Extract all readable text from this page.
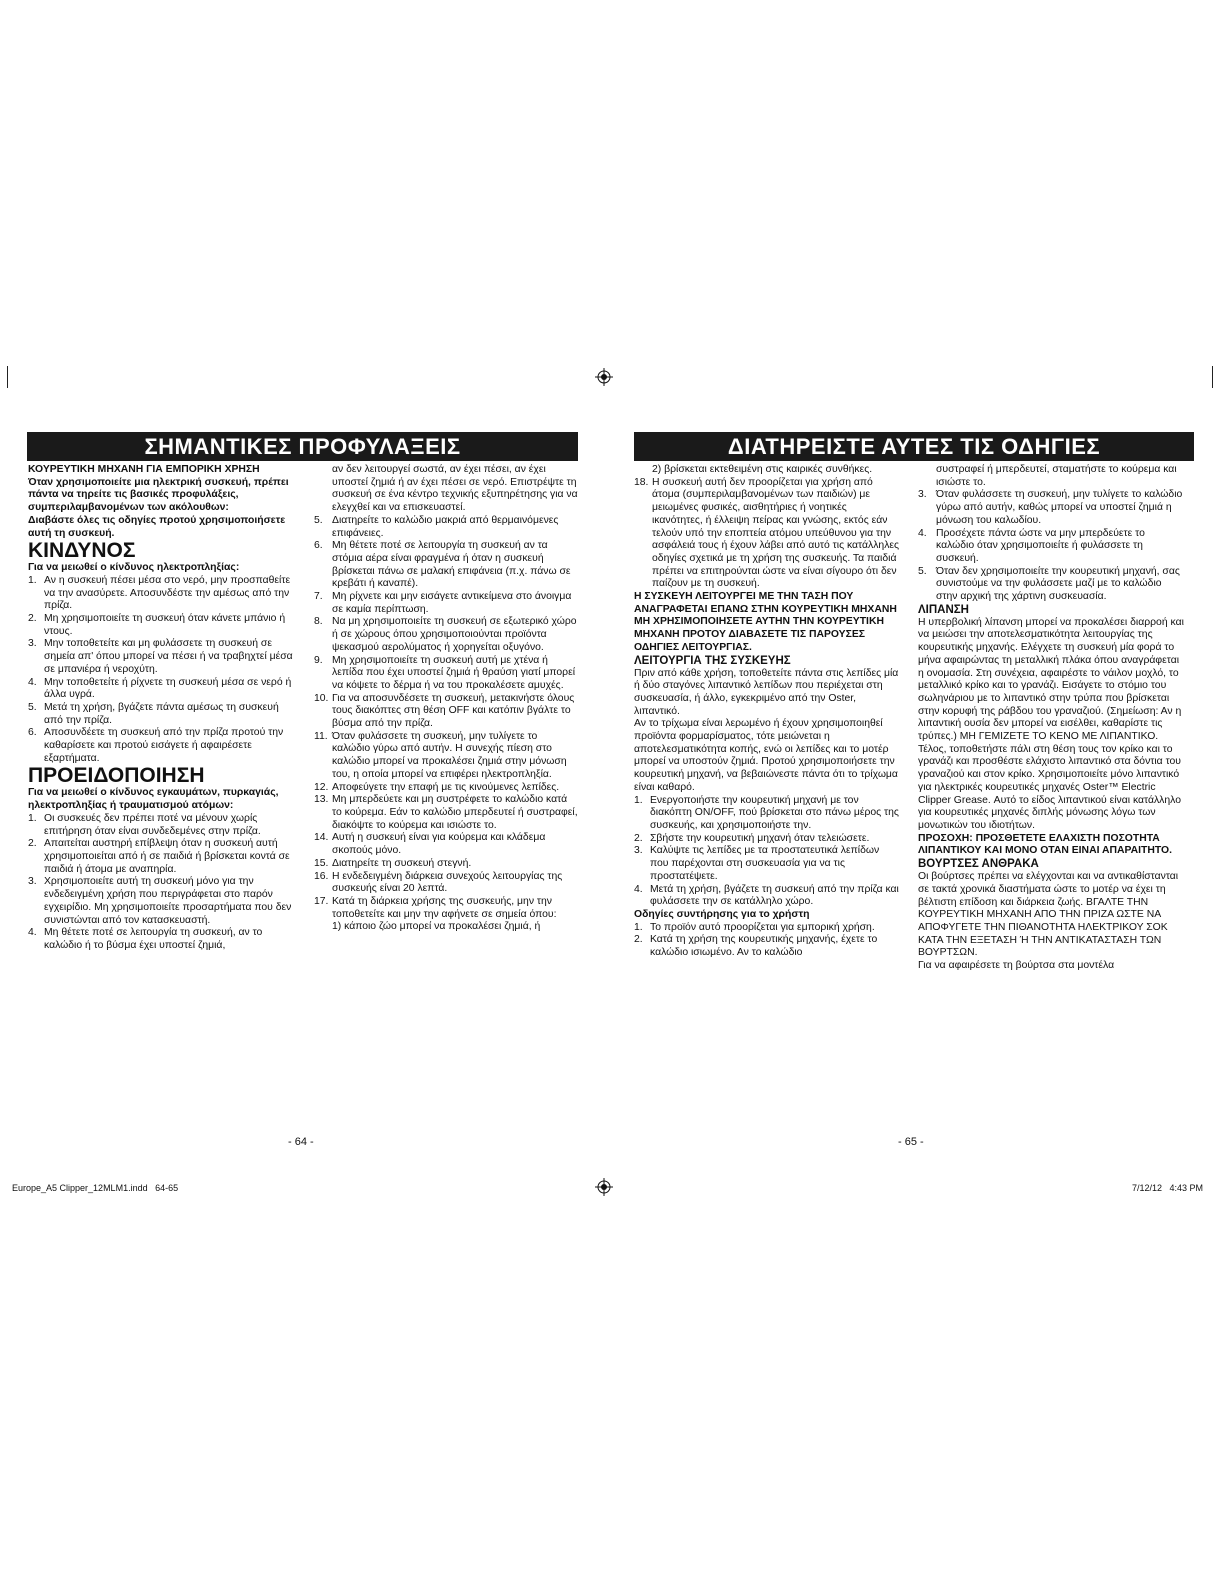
ΣΗΜΑΝΤΙΚΕΣ ΠΡΟΦΥΛΑΞΕΙΣ	ΔΙΑΤΗΡΕΙΣΤΕ ΑΥΤΕΣ ΤΙΣ ΟΔΗΓΙΕΣ

ΚΟΥΡΕΥΤΙΚΗ ΜΗΧΑΝΗ ΓΙΑ ΕΜΠΟΡΙΚΗ ΧΡΗΣΗ

Όταν χρησιμοποιείτε μια ηλεκτρική συσκευή, πρέπει πάντα να τηρείτε τις βασικές προφυλάξεις, συμπεριλαμβανομένων των ακόλουθων:

Διαβάστε όλες τις οδηγίες προτού χρησιμοποιήσετε αυτή τη συσκευή.

ΚΙΝΔΥΝΟΣ

Για να μειωθεί ο κίνδυνος ηλεκτροπληξίας:

1. Αν η συσκευή πέσει μέσα στο νερό, μην προσπαθείτε να την ανασύρετε. Αποσυνδέστε την αμέσως από την πρίζα.
2. Μη χρησιμοποιείτε τη συσκευή όταν κάνετε μπάνιο ή ντους.
3. Μην τοποθετείτε και μη φυλάσσετε τη συσκευή σε σημεία απ' όπου μπορεί να πέσει ή να τραβηχτεί μέσα σε μπανιέρα ή νεροχύτη.
4. Μην τοποθετείτε ή ρίχνετε τη συσκευή μέσα σε νερό ή άλλα υγρά.
5. Μετά τη χρήση, βγάζετε πάντα αμέσως τη συσκευή από την πρίζα.
6. Αποσυνδέετε τη συσκευή από την πρίζα προτού την καθαρίσετε και προτού εισάγετε ή αφαιρέσετε εξαρτήματα.

ΠΡΟΕΙΔΟΠΟΙΗΣΗ

Για να μειωθεί ο κίνδυνος εγκαυμάτων, πυρκαγιάς, ηλεκτροπληξίας ή τραυματισμού ατόμων:

1. Οι συσκευές δεν πρέπει ποτέ να μένουν χωρίς επιτήρηση όταν είναι συνδεδεμένες στην πρίζα.
2. Απαιτείται αυστηρή επίβλεψη όταν η συσκευή αυτή χρησιμοποιείται από ή σε παιδιά ή βρίσκεται κοντά σε παιδιά ή άτομα με αναπηρία.
3. Χρησιμοποιείτε αυτή τη συσκευή μόνο για την ενδεδειγμένη χρήση που περιγράφεται στο παρόν εγχειρίδιο. Μη χρησιμοποιείτε προσαρτήματα που δεν συνιστώνται από τον κατασκευαστή.
4. Μη θέτετε ποτέ σε λειτουργία τη συσκευή, αν το καλώδιο ή το βύσμα έχει υποστεί ζημιά,
αν δεν λειτουργεί σωστά, αν έχει πέσει, αν έχει υποστεί ζημιά ή αν έχει πέσει σε νερό. Επιστρέψτε τη συσκευή σε ένα κέντρο τεχνικής εξυπηρέτησης για να ελεγχθεί και να επισκευαστεί.
5. Διατηρείτε το καλώδιο μακριά από θερμαινόμενες επιφάνειες.
6. Μη θέτετε ποτέ σε λειτουργία τη συσκευή αν τα στόμια αέρα είναι φραγμένα ή όταν η συσκευή βρίσκεται πάνω σε μαλακή επιφάνεια (π.χ. πάνω σε κρεβάτι ή καναπέ).
7. Μη ρίχνετε και μην εισάγετε αντικείμενα στο άνοιγμα σε καμία περίπτωση.
8. Να μη χρησιμοποιείτε τη συσκευή σε εξωτερικό χώρο ή σε χώρους όπου χρησιμοποιούνται προϊόντα ψεκασμού αερολύματος ή χορηγείται οξυγόνο.
9. Μη χρησιμοποιείτε τη συσκευή αυτή με χτένα ή λεπίδα που έχει υποστεί ζημιά ή θραύση γιατί μπορεί να κόψετε το δέρμα ή να του προκαλέσετε αμυχές.
10. Για να αποσυνδέσετε τη συσκευή, μετακινήστε όλους τους διακόπτες στη θέση OFF και κατόπιν βγάλτε το βύσμα από την πρίζα.
11. Όταν φυλάσσετε τη συσκευή, μην τυλίγετε το καλώδιο γύρω από αυτήν. Η συνεχής πίεση στο καλώδιο μπορεί να προκαλέσει ζημιά στην μόνωση του, η οποία μπορεί να επιφέρει ηλεκτροπληξία.
12. Αποφεύγετε την επαφή με τις κινούμενες λεπίδες.
13. Μη μπερδεύετε και μη συστρέφετε το καλώδιο κατά το κούρεμα. Εάν το καλώδιο μπερδευτεί ή συστραφεί, διακόψτε το κούρεμα και ισιώστε το.
14. Αυτή η συσκευή είναι για κούρεμα και κλάδεμα σκοπούς μόνο.
15. Διατηρείτε τη συσκευή στεγνή.
16. Η ενδεδειγμένη διάρκεια συνεχούς λειτουργίας της συσκευής είναι 20 λεπτά.
17. Κατά τη διάρκεια χρήσης της συσκευής, μην την τοποθετείτε και μην την αφήνετε σε σημεία όπου:
1) κάποιο ζώο μπορεί να προκαλέσει ζημιά, ή
2) βρίσκεται εκτεθειμένη στις καιρικές συνθήκες.
18. Η συσκευή αυτή δεν προορίζεται για χρήση από άτομα (συμπεριλαμβανομένων των παιδιών) με μειωμένες φυσικές, αισθητήριες ή νοητικές ικανότητες, ή έλλειψη πείρας και γνώσης, εκτός εάν τελούν υπό την εποπτεία ατόμου υπεύθυνου για την ασφάλειά τους ή έχουν λάβει από αυτό τις κατάλληλες οδηγίες σχετικά με τη χρήση της συσκευής. Τα παιδιά πρέπει να επιτηρούνται ώστε να είναι σίγουρο ότι δεν παίζουν με τη συσκευή.

Η ΣΥΣΚΕΥΗ ΛΕΙΤΟΥΡΓΕΙ ΜΕ ΤΗΝ ΤΑΣΗ ΠΟΥ ΑΝΑΓΡΑΦΕΤΑΙ ΕΠΑΝΩ ΣΤΗΝ ΚΟΥΡΕΥΤΙΚΗ ΜΗΧΑΝΗ

ΜΗ ΧΡΗΣΙΜΟΠΟΙΗΣΕΤΕ ΑΥΤΗΝ ΤΗΝ ΚΟΥΡΕΥΤΙΚΗ ΜΗΧΑΝΗ ΠΡΟΤΟΥ ΔΙΑΒΑΣΕΤΕ ΤΙΣ ΠΑΡΟΥΣΕΣ ΟΔΗΓΙΕΣ ΛΕΙΤΟΥΡΓΙΑΣ.

ΛΕΙΤΟΥΡΓΙΑ ΤΗΣ ΣΥΣΚΕΥΗΣ

Πριν από κάθε χρήση, τοποθετείτε πάντα στις λεπίδες μία ή δύο σταγόνες λιπαντικό λεπίδων που περιέχεται στη συσκευασία, ή άλλο, εγκεκριμένο από την Oster, λιπαντικό.

Αν το τρίχωμα είναι λερωμένο ή έχουν χρησιμοποιηθεί προϊόντα φορμαρίσματος, τότε μειώνεται η αποτελεσματικότητα κοπής, ενώ οι λεπίδες και το μοτέρ μπορεί να υποστούν ζημιά. Προτού χρησιμοποιήσετε την κουρευτική μηχανή, να βεβαιώνεστε πάντα ότι το τρίχωμα είναι καθαρό.

1. Ενεργοποιήστε την κουρευτική μηχανή με τον διακόπτη ON/OFF, πού βρίσκεται στο πάνω μέρος της συσκευής, και χρησιμοποιήστε την.
2. Σβήστε την κουρευτική μηχανή όταν τελειώσετε.
3. Καλύψτε τις λεπίδες με τα προστατευτικά λεπίδων που παρέχονται στη συσκευασία για να τις προστατέψετε.
4. Μετά τη χρήση, βγάζετε τη συσκευή από την πρίζα και φυλάσσετε την σε κατάλληλο χώρο.

Οδηγίες συντήρησης για το χρήστη

1. Το προϊόν αυτό προορίζεται για εμπορική χρήση.
2. Κατά τη χρήση της κουρευτικής μηχανής, έχετε το καλώδιο ισιωμένο. Αν το καλώδιο
συστραφεί ή μπερδευτεί, σταματήστε το κούρεμα και ισιώστε το.
3. Όταν φυλάσσετε τη συσκευή, μην τυλίγετε το καλώδιο γύρω από αυτήν, καθώς μπορεί να υποστεί ζημιά η μόνωση του καλωδίου.
4. Προσέχετε πάντα ώστε να μην μπερδεύετε το καλώδιο όταν χρησιμοποιείτε ή φυλάσσετε τη συσκευή.
5. Όταν δεν χρησιμοποιείτε την κουρευτική μηχανή, σας συνιστούμε να την φυλάσσετε μαζί με το καλώδιο στην αρχική της χάρτινη συσκευασία.

ΛΙΠΑΝΣΗ

Η υπερβολική λίπανση μπορεί να προκαλέσει διαρροή και να μειώσει την αποτελεσματικότητα λειτουργίας της κουρευτικής μηχανής. Ελέγχετε τη συσκευή μία φορά το μήνα αφαιρώντας τη μεταλλική πλάκα όπου αναγράφεται η ονομασία. Στη συνέχεια, αφαιρέστε το νάιλον μοχλό, το μεταλλικό κρίκο και το γρανάζι. Εισάγετε το στόμιο του σωληνάριου με το λιπαντικό στην τρύπα που βρίσκεται στην κορυφή της ράβδου του γραναζιού. (Σημείωση: Αν η λιπαντική ουσία δεν μπορεί να εισέλθει, καθαρίστε τις τρύπες.) ΜΗ ΓΕΜΙΖΕΤΕ ΤΟ ΚΕΝΟ ΜΕ ΛΙΠΑΝΤΙΚΟ. Τέλος, τοποθετήστε πάλι στη θέση τους τον κρίκο και το γρανάζι και προσθέστε ελάχιστο λιπαντικό στα δόντια του γραναζιού και στον κρίκο. Χρησιμοποιείτε μόνο λιπαντικό για ηλεκτρικές κουρευτικές μηχανές Oster™ Electric Clipper Grease. Αυτό το είδος λιπαντικού είναι κατάλληλο για κουρευτικές μηχανές διπλής μόνωσης λόγω των μονωτικών του ιδιοτήτων.

ΠΡΟΣΟΧΗ: ΠΡΟΣΘΕΤΕΤΕ ΕΛΑΧΙΣΤΗ ΠΟΣΟΤΗΤΑ ΛΙΠΑΝΤΙΚΟΥ ΚΑΙ ΜΟΝΟ ΟΤΑΝ ΕΙΝΑΙ ΑΠΑΡΑΙΤΗΤΟ.

ΒΟΥΡΤΣΕΣ ΑΝΘΡΑΚΑ

Οι βούρτσες πρέπει να ελέγχονται και να αντικαθίστανται σε τακτά χρονικά διαστήματα ώστε το μοτέρ να έχει τη βέλτιστη επίδοση και διάρκεια ζωής. ΒΓΑΛΤΕ ΤΗΝ ΚΟΥΡΕΥΤΙΚΗ ΜΗΧΑΝΗ ΑΠΟ ΤΗΝ ΠΡΙΖΑ ΩΣΤΕ ΝΑ ΑΠΟΦΥΓΕΤΕ ΤΗΝ ΠΙΘΑΝΟΤΗΤΑ ΗΛΕΚΤΡΙΚΟΥ ΣΟΚ ΚΑΤΑ ΤΗΝ ΕΞΕΤΑΣΗ Ή ΤΗΝ ΑΝΤΙΚΑΤΑΣΤΑΣΗ ΤΩΝ ΒΟΥΡΤΣΩΝ.

Για να αφαιρέσετε τη βούρτσα στα μοντέλα

- 64 -	- 65 -
Europe_A5 Clipper_12MLM1.indd   64-65	7/12/12   4:43 PM
